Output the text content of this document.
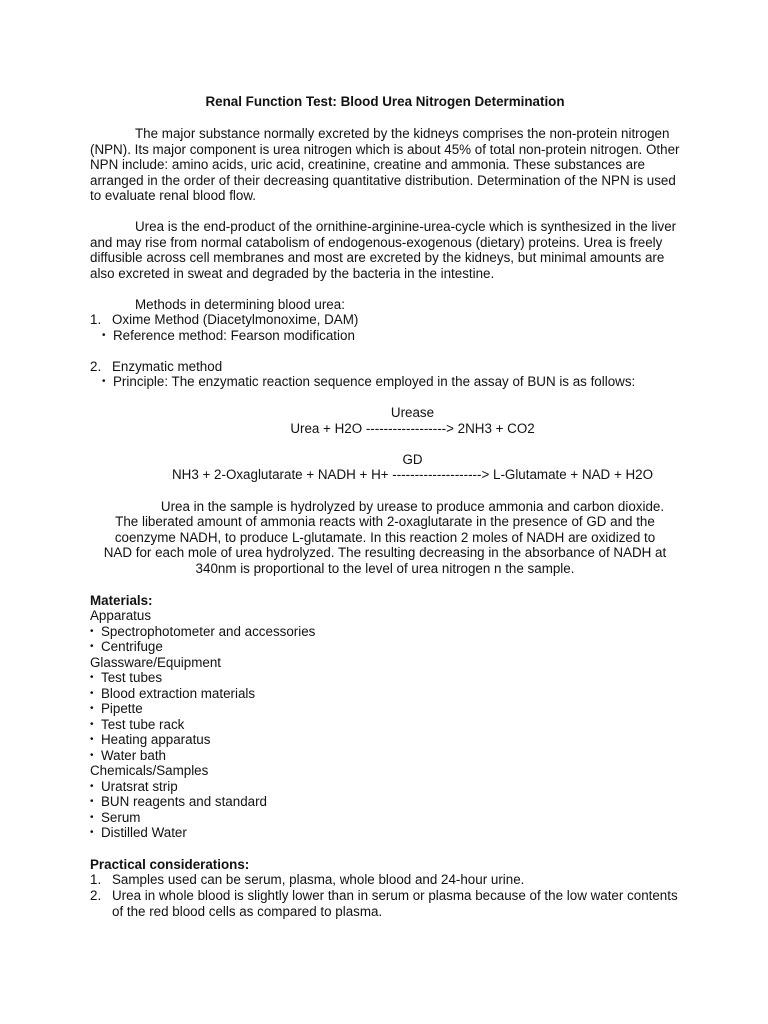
Renal Function Test: Blood Urea Nitrogen Determination
The major substance normally excreted by the kidneys comprises the non-protein nitrogen (NPN). Its major component is urea nitrogen which is about 45% of total non-protein nitrogen. Other NPN include: amino acids, uric acid, creatinine, creatine and ammonia. These substances are arranged in the order of their decreasing quantitative distribution. Determination of the NPN is used to evaluate renal blood flow.
Urea is the end-product of the ornithine-arginine-urea-cycle which is synthesized in the liver and may rise from normal catabolism of endogenous-exogenous (dietary) proteins. Urea is freely diffusible across cell membranes and most are excreted by the kidneys, but minimal amounts are also excreted in sweat and degraded by the bacteria in the intestine.
Methods in determining blood urea:
1. Oxime Method (Diacetylmonoxime, DAM)
• Reference method: Fearson modification
2. Enzymatic method
• Principle: The enzymatic reaction sequence employed in the assay of BUN is as follows:
Urease
Urea + H2O ------------------> 2NH3 + CO2
GD
NH3 + 2-Oxaglutarate + NADH + H+ --------------------> L-Glutamate + NAD + H2O
Urea in the sample is hydrolyzed by urease to produce ammonia and carbon dioxide.
The liberated amount of ammonia reacts with 2-oxaglutarate in the presence of GD and the
coenzyme NADH, to produce L-glutamate. In this reaction 2 moles of NADH are oxidized to
NAD for each mole of urea hydrolyzed. The resulting decreasing in the absorbance of NADH at
340nm is proportional to the level of urea nitrogen n the sample.
Materials:
Apparatus
• Spectrophotometer and accessories
• Centrifuge
Glassware/Equipment
• Test tubes
• Blood extraction materials
• Pipette
• Test tube rack
• Heating apparatus
• Water bath
Chemicals/Samples
• Uratsrat strip
• BUN reagents and standard
• Serum
• Distilled Water
Practical considerations:
1. Samples used can be serum, plasma, whole blood and 24-hour urine.
2. Urea in whole blood is slightly lower than in serum or plasma because of the low water contents of the red blood cells as compared to plasma.
